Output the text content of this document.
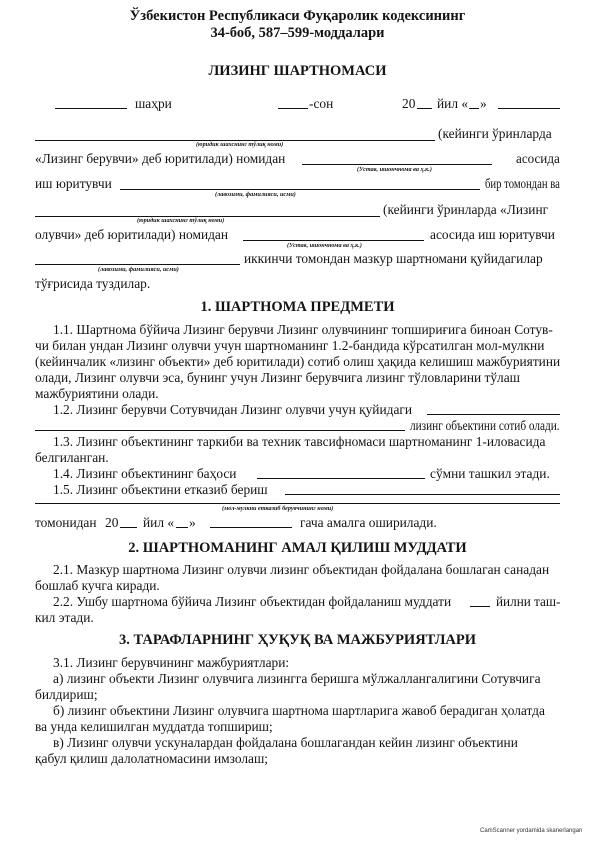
Ўзбекистон Республикаси Фуқаролик кодексининг
34-боб, 587–599-моддалари
ЛИЗИНГ ШАРТНОМАСИ
шаҳри	-сон	20 йил « »
(кейинги ўринларда
(юридик шахснинг тўлиқ номи)
«Лизинг берувчи» деб юритилади) номидан	асосида
(Устав, ишончнома ва ҳ.к.)
иш юритувчи	бир томондан ва
(лавозими, фамилияси, исми)
(кейинги ўринларда «Лизинг
(юридик шахснинг тўлиқ номи)
олувчи» деб юритилади) номидан	асосида иш юритувчи
(Устав, ишончнома ва ҳ.к.)
иккинчи томондан мазкур шартномани қуйидагилар
(лавозими, фамилияси, исми)
тўғрисида туздилар.
1. ШАРТНОМА ПРЕДМЕТИ
1.1. Шартнома бўйича Лизинг берувчи Лизинг олувчининг топшириғига биноан Сотув-
чи билан ундан Лизинг олувчи учун шартноманинг 1.2-бандида кўрсатилган мол-мулкни
(кейинчалик «лизинг объекти» деб юритилади) сотиб олиш ҳақида келишиш мажбуриятини
олади, Лизинг олувчи эса, бунинг учун Лизинг берувчига лизинг тўловларини тўлаш
мажбуриятини олади.
1.2. Лизинг берувчи Сотувчидан Лизинг олувчи учун қуйидаги
лизинг объектини сотиб олади.
1.3. Лизинг объектининг таркиби ва техник тавсифномаси шартноманинг 1-иловасида
белгиланган.
1.4. Лизинг объектининг баҳоси	сўмни ташкил этади.
1.5. Лизинг объектини етказиб бериш
(мол-мулкни етказиб берувчининг номи)
томонидан 20 йил « »	гача амалга оширилади.
2. ШАРТНОМАНИНГ АМАЛ ҚИЛИШ МУДДАТИ
2.1. Мазкур шартнома Лизинг олувчи лизинг объектидан фойдалана бошлаган санадан
бошлаб кучга киради.
2.2. Ушбу шартнома бўйича Лизинг объектидан фойдаланиш муддати	йилни таш-
кил этади.
3. ТАРАФЛАРНИНГ ҲУҚУҚ ВА МАЖБУРИЯТЛАРИ
3.1. Лизинг берувчининг мажбуриятлари:
а) лизинг объекти Лизинг олувчига лизингга беришга мўлжаллангалигини Сотувчига
билдириш;
б) лизинг объектини Лизинг олувчига шартнома шартларига жавоб берадиган ҳолатда
ва унда келишилган муддатда топшириш;
в) Лизинг олувчи ускуналардан фойдалана бошлагандан кейин лизинг объектини
қабул қилиш далолатномасини имзолаш;
CamScanner yordamida skanerlangan
